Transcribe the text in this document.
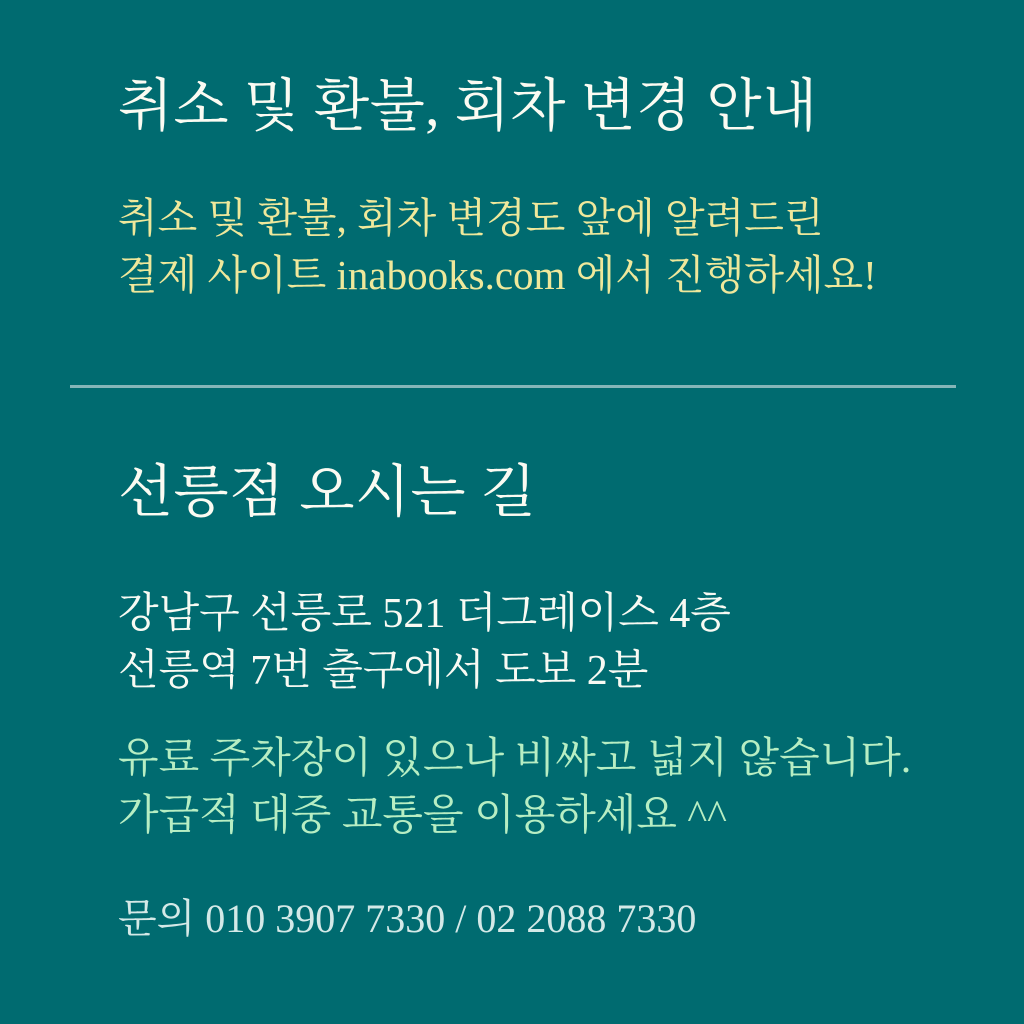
취소 및 환불, 회차 변경 안내
취소 및 환불, 회차 변경도 앞에 알려드린
결제 사이트 inabooks.com 에서 진행하세요!
선릉점 오시는 길
강남구 선릉로 521 더그레이스 4층
선릉역 7번 출구에서 도보 2분
유료 주차장이 있으나 비싸고 넓지 않습니다.
가급적 대중 교통을 이용하세요 ^^
문의 010 3907 7330 / 02 2088 7330
